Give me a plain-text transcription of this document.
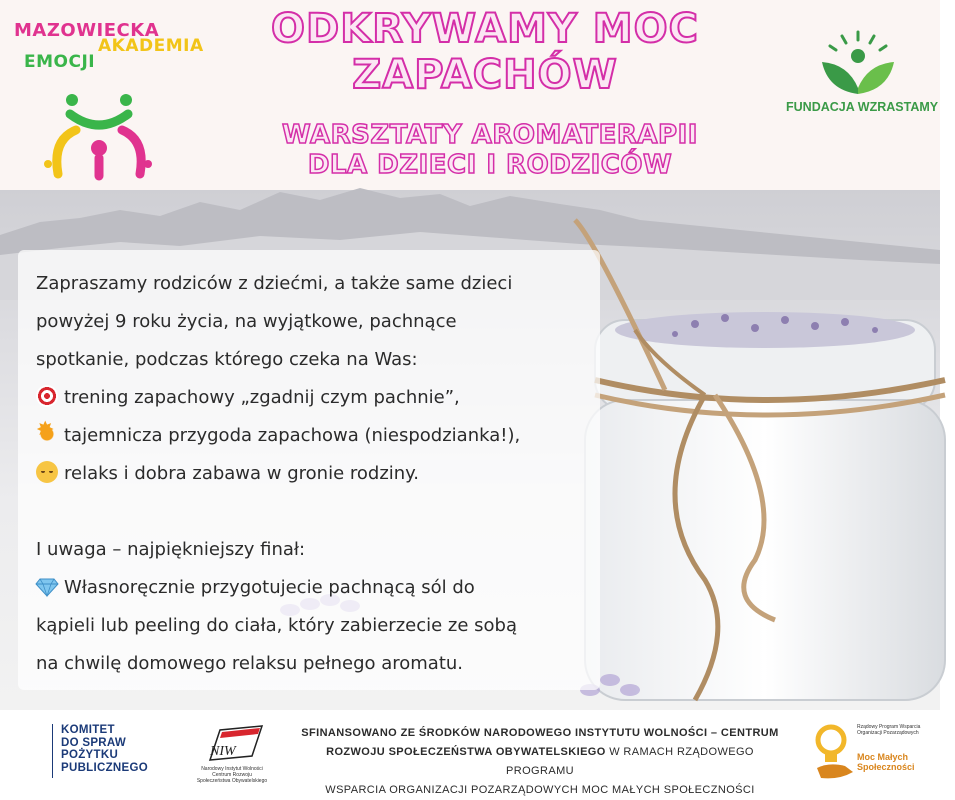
Zapraszamy rodziców z dziećmi, a także same dzieci
powyżej 9 roku życia, na wyjątkowe, pachnące
spotkanie, podczas którego czeka na Was:
trening zapachowy „zgadnij czym pachnie”,
✸tajemnicza przygoda zapachowa (niespodzianka!),
relaks i dobra zabawa w gronie rodziny.
I uwaga – najpiękniejszy finał:
Własnoręcznie przygotujecie pachnącą sól do
kąpieli lub peeling do ciała, który zabierzecie ze sobą
na chwilę domowego relaksu pełnego aromatu.
ODKRYWAMY MOC
ZAPACHÓW
WARSZTATY AROMATERAPII
DLA DZIECI I RODZICÓW
MAZOWIECKA
AKADEMIA
EMOCJI
FUNDACJA WZRASTAMY
KOMITET
DO SPRAW
POŻYTKU
PUBLICZNEGO
NIW
Narodowy Instytut Wolności Centrum Rozwoju Społeczeństwa Obywatelskiego
SFINANSOWANO ZE ŚRODKÓW NARODOWEGO INSTYTUTU WOLNOŚCI – CENTRUM
ROZWOJU SPOŁECZEŃSTWA OBYWATELSKIEGO W RAMACH RZĄDOWEGO PROGRAMU
WSPARCIA ORGANIZACJI POZARZĄDOWYCH MOC MAŁYCH SPOŁECZNOŚCI
Rządowy Program Wsparcia Organizacji Pozarządowych
Moc Małych
Społeczności
